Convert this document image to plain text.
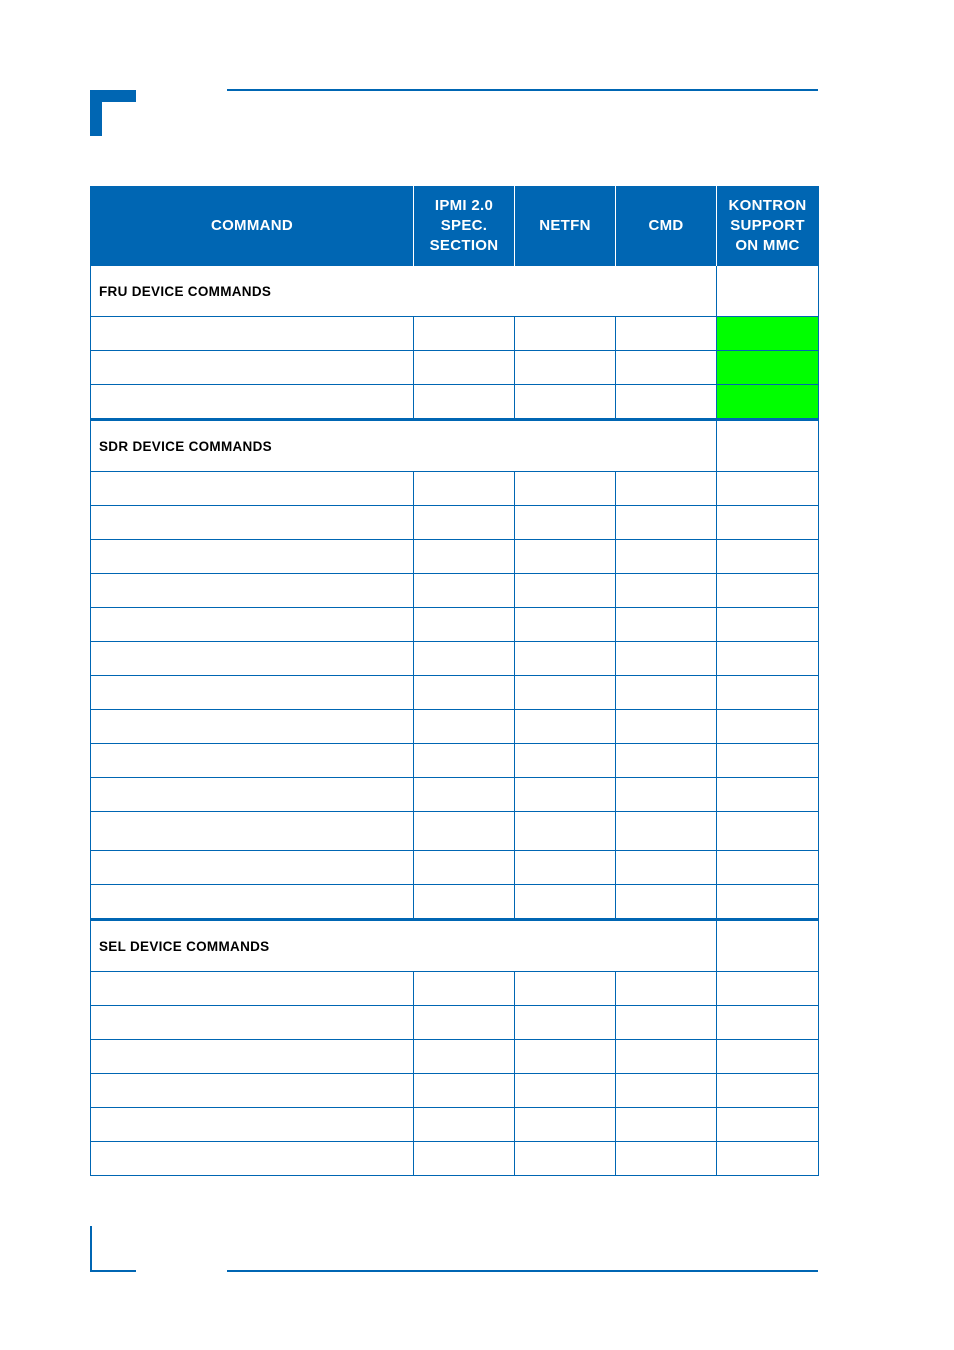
COMMAND	IPMI 2.0
SPEC.
SECTION	NETFN	CMD	KONTRON
SUPPORT
ON MMC
FRU DEVICE COMMANDS				

SDR DEVICE COMMANDS				

SEL DEVICE COMMANDS				
